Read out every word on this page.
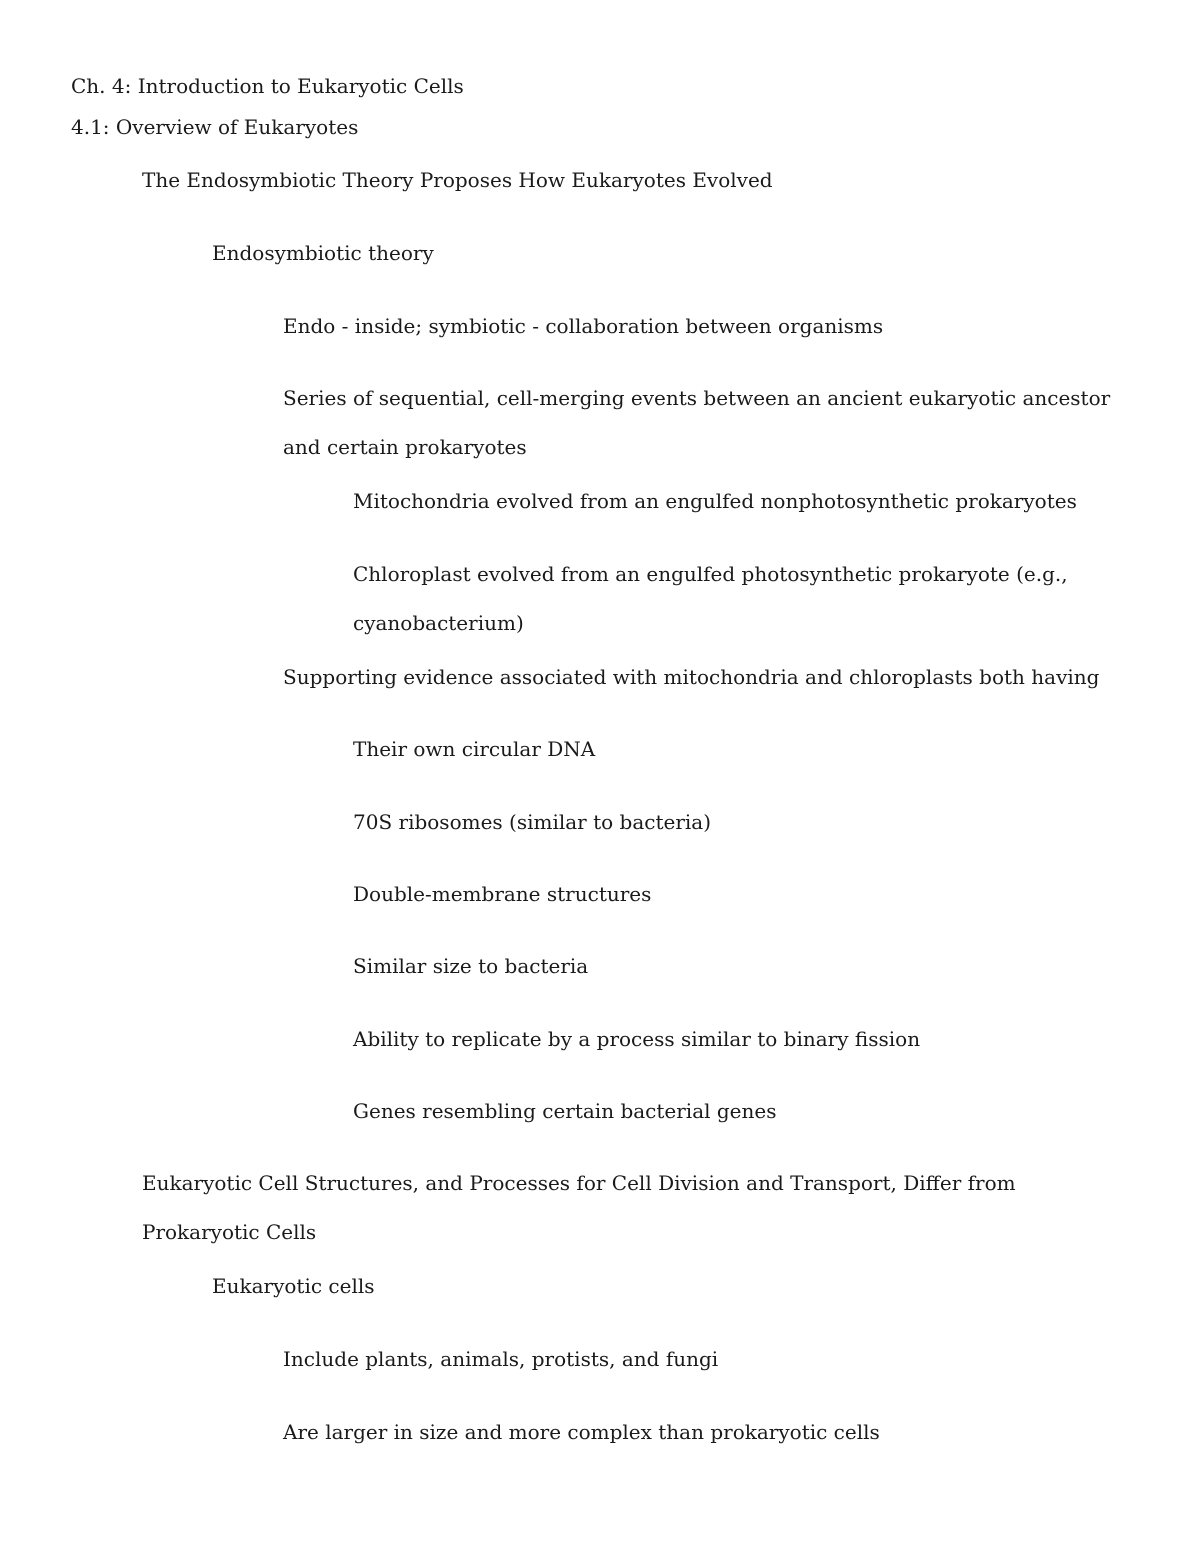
Ch. 4: Introduction to Eukaryotic Cells

4.1: Overview of Eukaryotes

The Endosymbiotic Theory Proposes How Eukaryotes Evolved

Endosymbiotic theory

Endo - inside; symbiotic - collaboration between organisms

Series of sequential, cell-merging events between an ancient eukaryotic ancestor and certain prokaryotes

Mitochondria evolved from an engulfed nonphotosynthetic prokaryotes

Chloroplast evolved from an engulfed photosynthetic prokaryote (e.g., cyanobacterium)

Supporting evidence associated with mitochondria and chloroplasts both having

Their own circular DNA

70S ribosomes (similar to bacteria)

Double-membrane structures

Similar size to bacteria

Ability to replicate by a process similar to binary fission

Genes resembling certain bacterial genes

Eukaryotic Cell Structures, and Processes for Cell Division and Transport, Differ from Prokaryotic Cells

Eukaryotic cells

Include plants, animals, protists, and fungi

Are larger in size and more complex than prokaryotic cells
